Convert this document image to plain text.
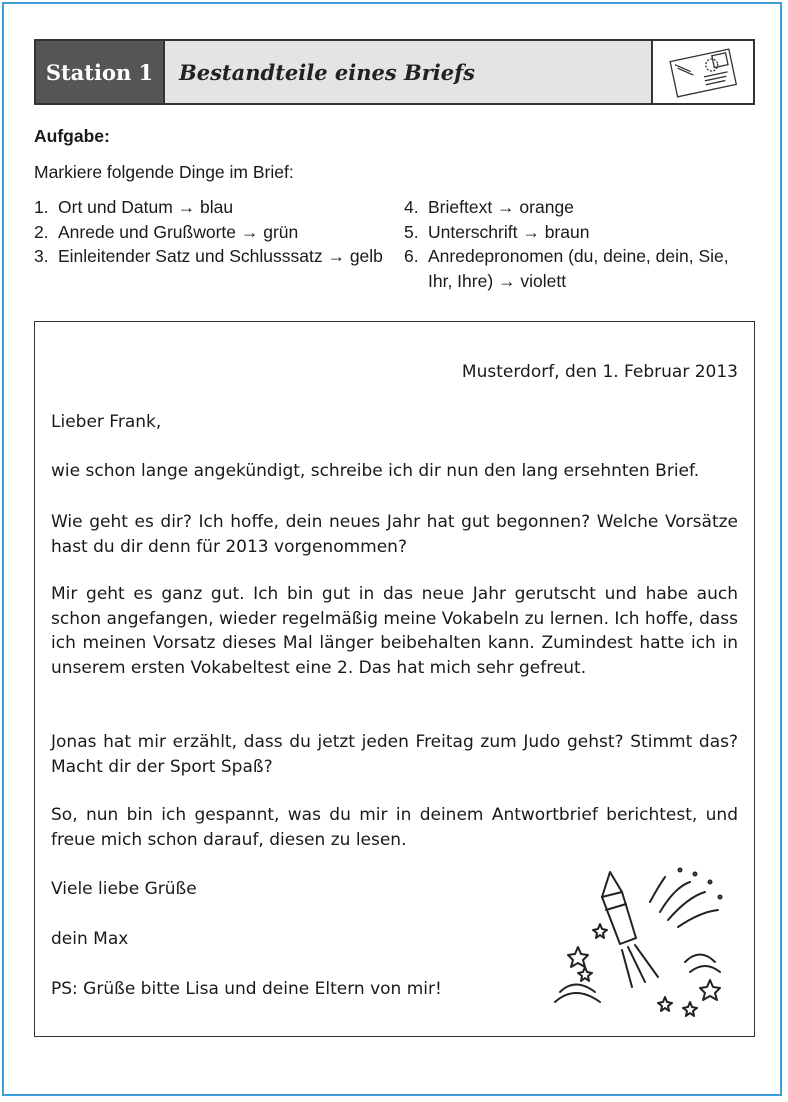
Station 1	Bestandteile eines Briefs
Aufgabe:
Markiere folgende Dinge im Brief:
1. Ort und Datum → blau
2. Anrede und Grußworte → grün
3. Einleitender Satz und Schlusssatz → gelb
4. Brieftext → orange
5. Unterschrift → braun
6. Anredepronomen (du, deine, dein, Sie, Ihr, Ihre) → violett

Musterdorf, den 1. Februar 2013

Lieber Frank,

wie schon lange angekündigt, schreibe ich dir nun den lang ersehnten Brief.

Wie geht es dir? Ich hoffe, dein neues Jahr hat gut begonnen? Welche Vorsätze hast du dir denn für 2013 vorgenommen?

Mir geht es ganz gut. Ich bin gut in das neue Jahr gerutscht und habe auch schon angefangen, wieder regelmäßig meine Vokabeln zu lernen. Ich hoffe, dass ich meinen Vorsatz dieses Mal länger beibehalten kann. Zumindest hatte ich in unserem ersten Vokabeltest eine 2. Das hat mich sehr gefreut.

Jonas hat mir erzählt, dass du jetzt jeden Freitag zum Judo gehst? Stimmt das? Macht dir der Sport Spaß?

So, nun bin ich gespannt, was du mir in deinem Antwortbrief berichtest, und freue mich schon darauf, diesen zu lesen.

Viele liebe Grüße

dein Max

PS: Grüße bitte Lisa und deine Eltern von mir!
